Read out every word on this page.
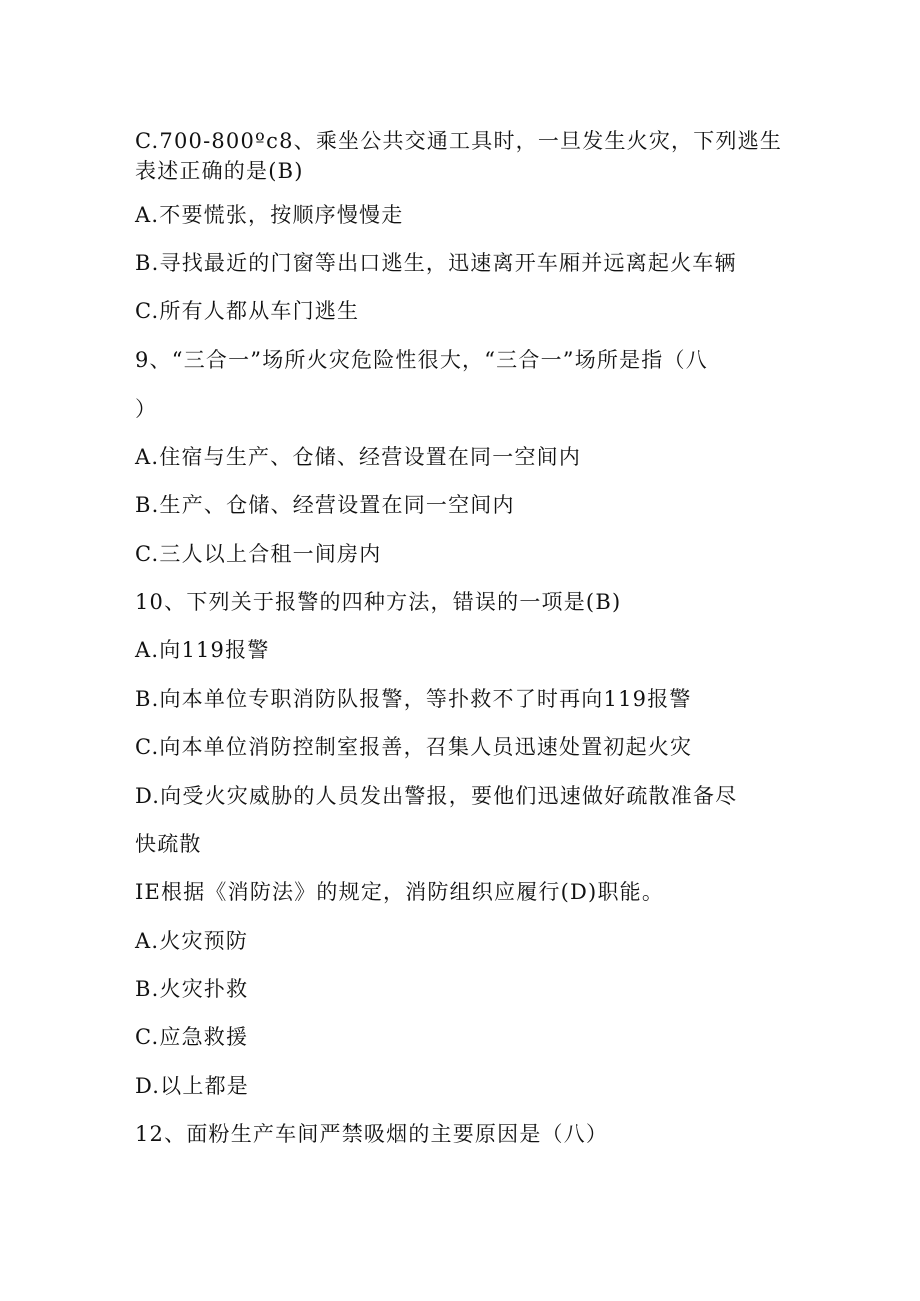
C.700-800ºc8、乘坐公共交通工具时，一旦发生火灾，下列逃生
表述正确的是(B)
A.不要慌张，按顺序慢慢走
B.寻找最近的门窗等出口逃生，迅速离开车厢并远离起火车辆
C.所有人都从车门逃生
9、“三合一”场所火灾危险性很大，“三合一”场所是指（八
）
A.住宿与生产、仓储、经营设置在同一空间内
B.生产、仓储、经营设置在同一空间内
C.三人以上合租一间房内
10、下列关于报警的四种方法，错误的一项是(B)
A.向119报警
B.向本单位专职消防队报警，等扑救不了时再向119报警
C.向本单位消防控制室报善，召集人员迅速处置初起火灾
D.向受火灾威胁的人员发出警报，要他们迅速做好疏散准备尽
快疏散
IE根据《消防法》的规定，消防组织应履行(D)职能。
A.火灾预防
B.火灾扑救
C.应急救援
D.以上都是
12、面粉生产车间严禁吸烟的主要原因是（八）
